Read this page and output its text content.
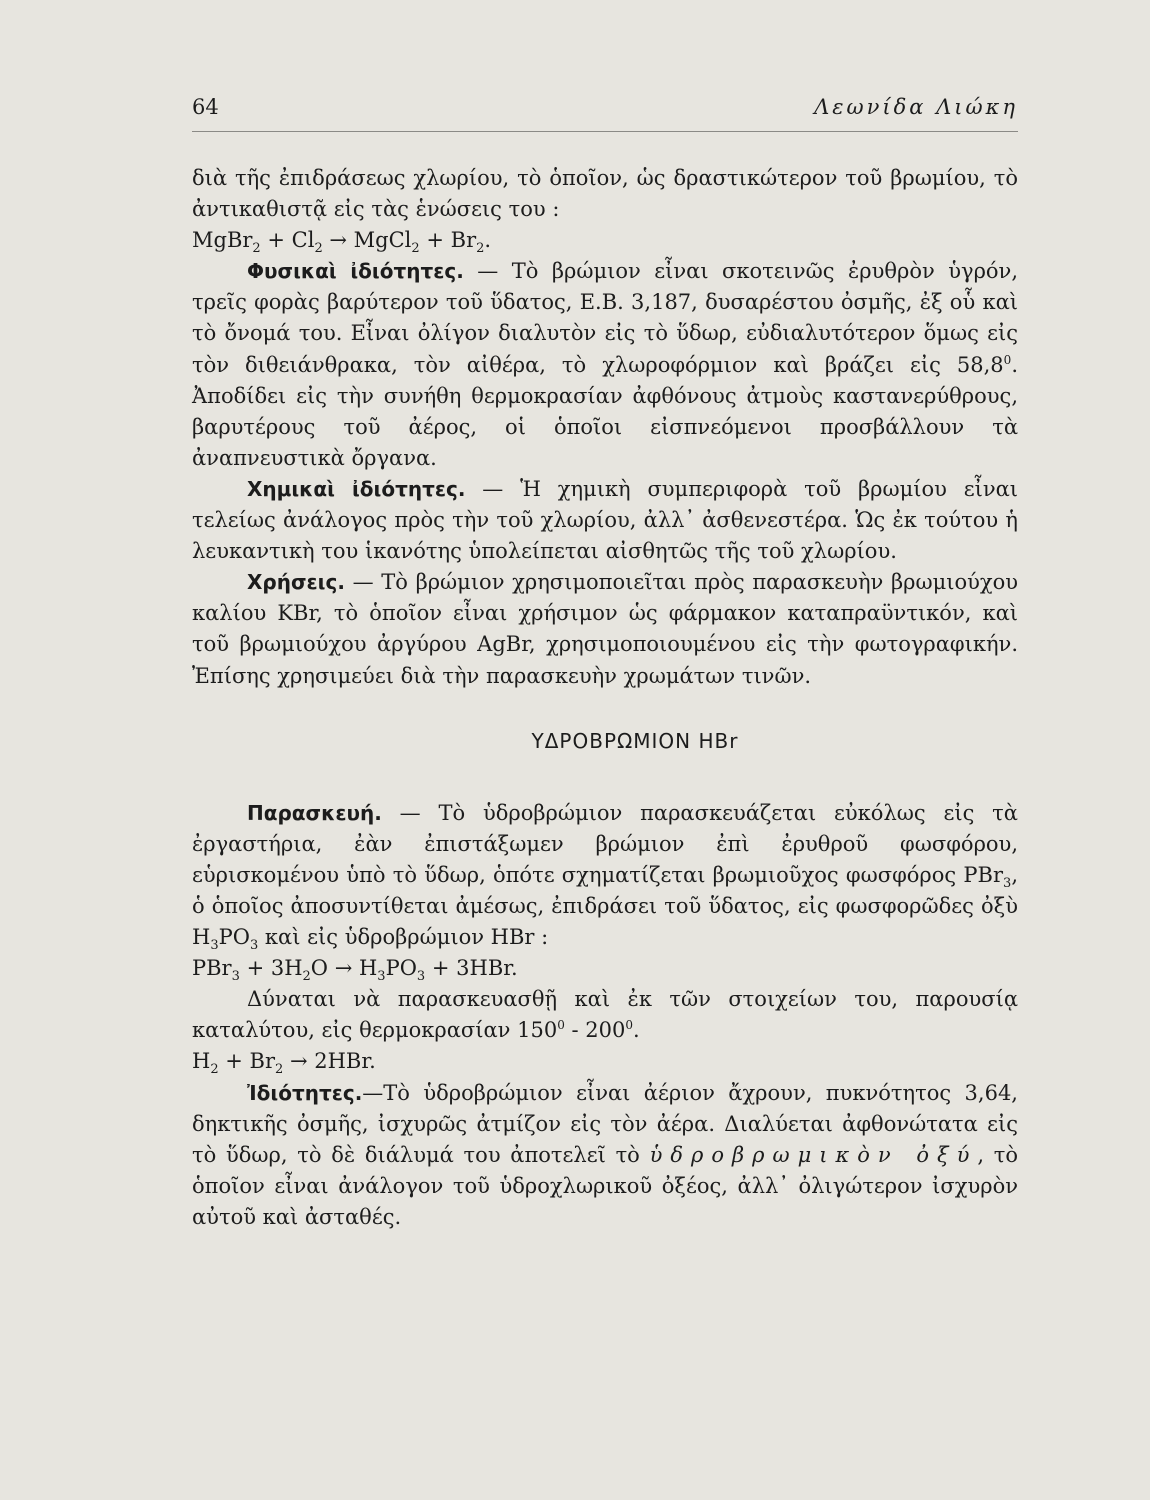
64	Λεωνίδα Λιώκη

διὰ τῆς ἐπιδράσεως χλωρίου, τὸ ὁποῖον, ὡς δραστικώτερον τοῦ βρωμίου, τὸ ἀντικαθιστᾷ εἰς τὰς ἑνώσεις του :

MgBr$_2$ + $Cl_2$ → MgCl$_2$ + $Br_2$.

Φυσικαὶ ἰδιότητες. — Τὸ βρώμιον εἶναι σκοτεινῶς ἐρυθρὸν ὑγρόν, τρεῖς φορὰς βαρύτερον τοῦ ὕδατος, Ε.Β. 3,187, δυσαρέστου ὀσμῆς, ἐξ οὗ καὶ τὸ ὄνομά του. Εἶναι ὀλίγον διαλυτὸν εἰς τὸ ὕδωρ, εὐδιαλυτότερον ὅμως εἰς τὸν διθειάνθρακα, τὸν αἰθέρα, τὸ χλωροφόρμιον καὶ βράζει εἰς 58,8$^0$. Ἀποδίδει εἰς τὴν συνήθη θερμοκρασίαν ἀφθόνους ἀτμοὺς καστανερύθρους, βαρυτέρους τοῦ ἀέρος, οἱ ὁποῖοι εἰσπνεόμενοι προσβάλλουν τὰ ἀναπνευστικὰ ὄργανα.

Χημικαὶ ἰδιότητες. — Ἡ χημικὴ συμπεριφορὰ τοῦ βρωμίου εἶναι τελείως ἀνάλογος πρὸς τὴν τοῦ χλωρίου, ἀλλ᾽ ἀσθενεστέρα. Ὡς ἐκ τούτου ἡ λευκαντικὴ του ἱκανότης ὑπολείπεται αἰσθητῶς τῆς τοῦ χλωρίου.

Χρήσεις. — Τὸ βρώμιον χρησιμοποιεῖται πρὸς παρασκευὴν βρωμιούχου καλίου KBr, τὸ ὁποῖον εἶναι χρήσιμον ὡς φάρμακον καταπραϋντικόν, καὶ τοῦ βρωμιούχου ἀργύρου AgBr, χρησιμοποιουμένου εἰς τὴν φωτογραφικήν. Ἐπίσης χρησιμεύει διὰ τὴν παρασκευὴν χρωμάτων τινῶν.

ΥΔΡΟΒΡΩΜΙΟΝ HBr

Παρασκευή. — Τὸ ὑδροβρώμιον παρασκευάζεται εὐκόλως εἰς τὰ ἐργαστήρια, ἐὰν ἐπιστάξωμεν βρώμιον ἐπὶ ἐρυθροῦ φωσφόρου, εὑρισκομένου ὑπὸ τὸ ὕδωρ, ὁπότε σχηματίζεται βρωμιοῦχος φωσφόρος PBr$_3$, ὁ ὁποῖος ἀποσυντίθεται ἀμέσως, ἐπιδράσει τοῦ ὕδατος, εἰς φωσφορῶδες ὀξὺ $H_3PO_3$ καὶ εἰς ὑδροβρώμιον HBr :

$PBr_3 + 3H_2O \to H_3PO_3 + 3HBr$.

Δύναται νὰ παρασκευασθῇ καὶ ἐκ τῶν στοιχείων του, παρουσίᾳ καταλύτου, εἰς θερμοκρασίαν $150^0 - 200^0$.

$H_2 + Br_2 \to 2HBr$.

Ἰδιότητες.—Τὸ ὑδροβρώμιον εἶναι ἀέριον ἄχρουν, πυκνότητος 3,64, δηκτικῆς ὀσμῆς, ἰσχυρῶς ἀτμίζον εἰς τὸν ἀέρα. Διαλύεται ἀφθονώτατα εἰς τὸ ὕδωρ, τὸ δὲ διάλυμά του ἀποτελεῖ τὸ ὑδροβρωμικὸν ὀξύ, τὸ ὁποῖον εἶναι ἀνάλογον τοῦ ὑδροχλωρικοῦ ὀξέος, ἀλλ᾽ ὀλιγώτερον ἰσχυρὸν αὐτοῦ καὶ ἀσταθές.
